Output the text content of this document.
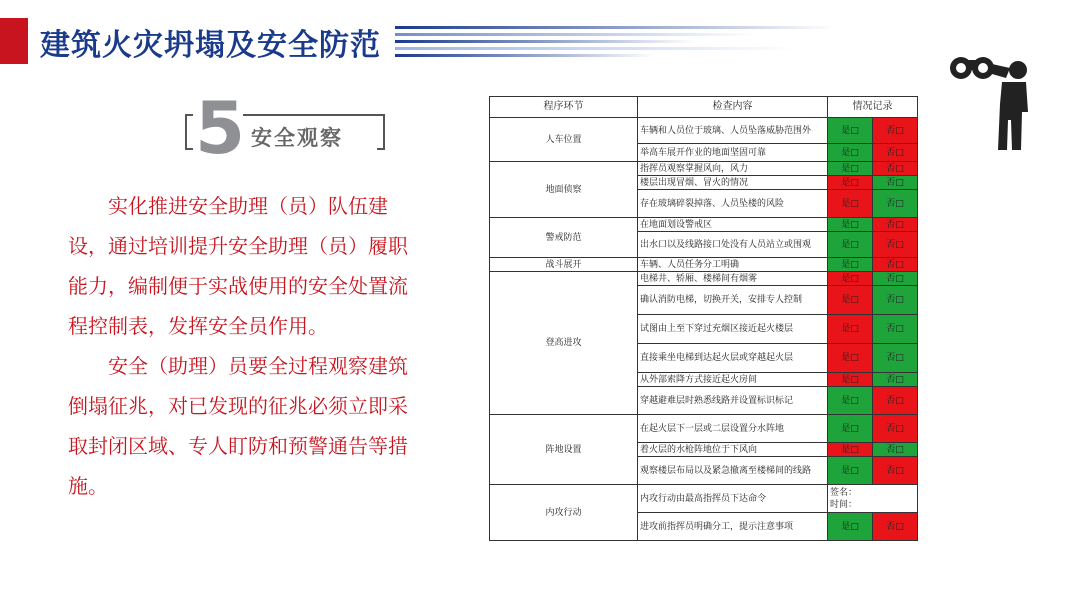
建筑火灾坍塌及安全防范
5 安全观察

实化推进安全助理（员）队伍建设，通过培训提升安全助理（员）履职能力，编制便于实战使用的安全处置流程控制表，发挥安全员作用。

安全（助理）员要全过程观察建筑倒塌征兆，对已发现的征兆必须立即采取封闭区域、专人盯防和预警通告等措施。

程序环节	检查内容	情况记录	
人车位置	车辆和人员位于玻璃、人员坠落威胁范围外	是□	否□
	举高车展开作业的地面坚固可靠	是□	否□
地面侦察	指挥员观察掌握风向，风力	是□	否□
	楼层出现冒烟、冒火的情况	是□	否□
	存在玻璃碎裂掉落、人员坠楼的风险	是□	否□
警戒防范	在地面划设警戒区	是□	否□
	出水口以及线路接口处没有人员站立或围观	是□	否□
战斗展开	车辆、人员任务分工明确	是□	否□
登高进攻	电梯井、轿厢、楼梯间有烟雾	是□	否□
	确认消防电梯，切换开关，安排专人控制	是□	否□
	试图由上至下穿过充烟区接近起火楼层	是□	否□
	直接乘坐电梯到达起火层或穿越起火层	是□	否□
	从外部索降方式接近起火房间	是□	否□
	穿越避难层时熟悉线路并设置标识标记	是□	否□
阵地设置	在起火层下一层或二层设置分水阵地	是□	否□
	着火层的水枪阵地位于下风向	是□	否□
	观察楼层布局以及紧急撤离至楼梯间的线路	是□	否□
内攻行动	内攻行动由最高指挥员下达命令	签名：
时间：	

	进攻前指挥员明确分工，提示注意事项	是□	否□
